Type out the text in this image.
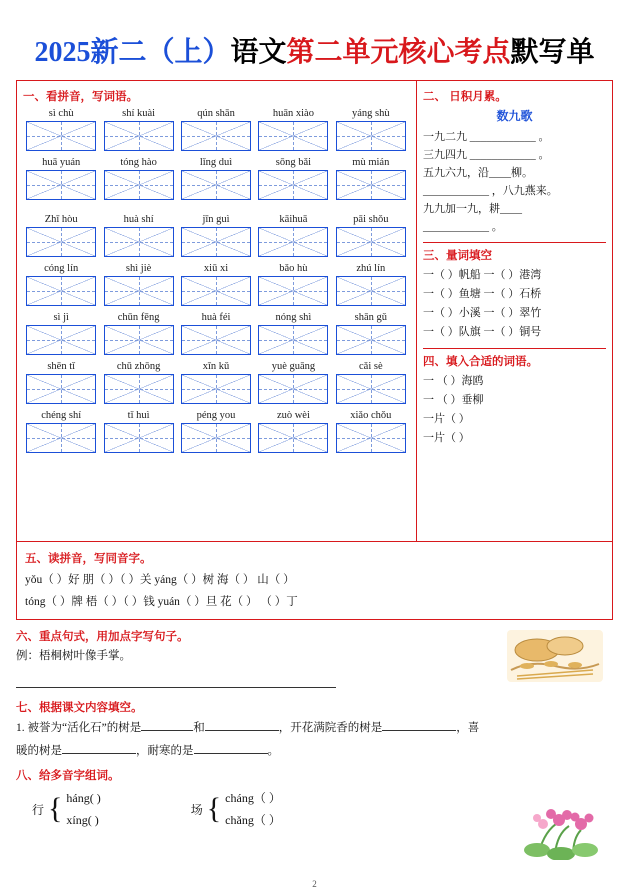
2025新二（上）语文第二单元核心考点默写单
一、看拼音，写词语。
sì chù	shí kuài	qún shān	huān xiào	yáng shù
huā yuán	tóng hào	lǐng duì	sōng bǎi	mù mián
Zhī hòu	huà shí	jīn guì	kāihuā	pāi shǒu
cóng lín	shì jiè	xiū xi	bǎo hù	zhú lín
sì jì	chūn fēng	huà féi	nóng shì	shān gǔ
shēn tǐ	chū zhōng	xīn kǔ	yuè guāng	cǎi sè
chéng shí	tǐ huì	péng you	zuò wèi	xiǎo chǒu
二、 日积月累。
数九歌
一九二九 ____________ 。
三九四九 ____________ 。
五九六九，沿____柳。
____________ ，八九燕来。
九九加一九，耕____
____________ 。
三、量词填空
一（ ）帆船 一（ ）港湾
一（ ）鱼塘 一（ ）石桥
一（ ）小溪 一（ ）翠竹
一（ ）队旗 一（ ）铜号
四、填入合适的词语。
一 （ ）海鸥
一 （ ）垂柳
一片（ ）
一片（ ）
五、读拼音，写同音字。
yǒu（ ）好 朋（ ）（ ）关 yáng（ ）树 海（ ） 山（ ）
tóng（ ）牌 梧（ ）（ ）钱 yuán（ ）旦 花（ ） （ ）丁
六、重点句式，用加点字写句子。
例：梧桐树叶像手掌。
七、根据课文内容填空。

1. 被誉为“活化石”的树是	和	，开花满院香的树是	，喜

暖的树是	，耐寒的是	。

八、给多音字组词。
行 { háng( )
xíng( )
场 { cháng（ ）
chǎng（ ）
2
